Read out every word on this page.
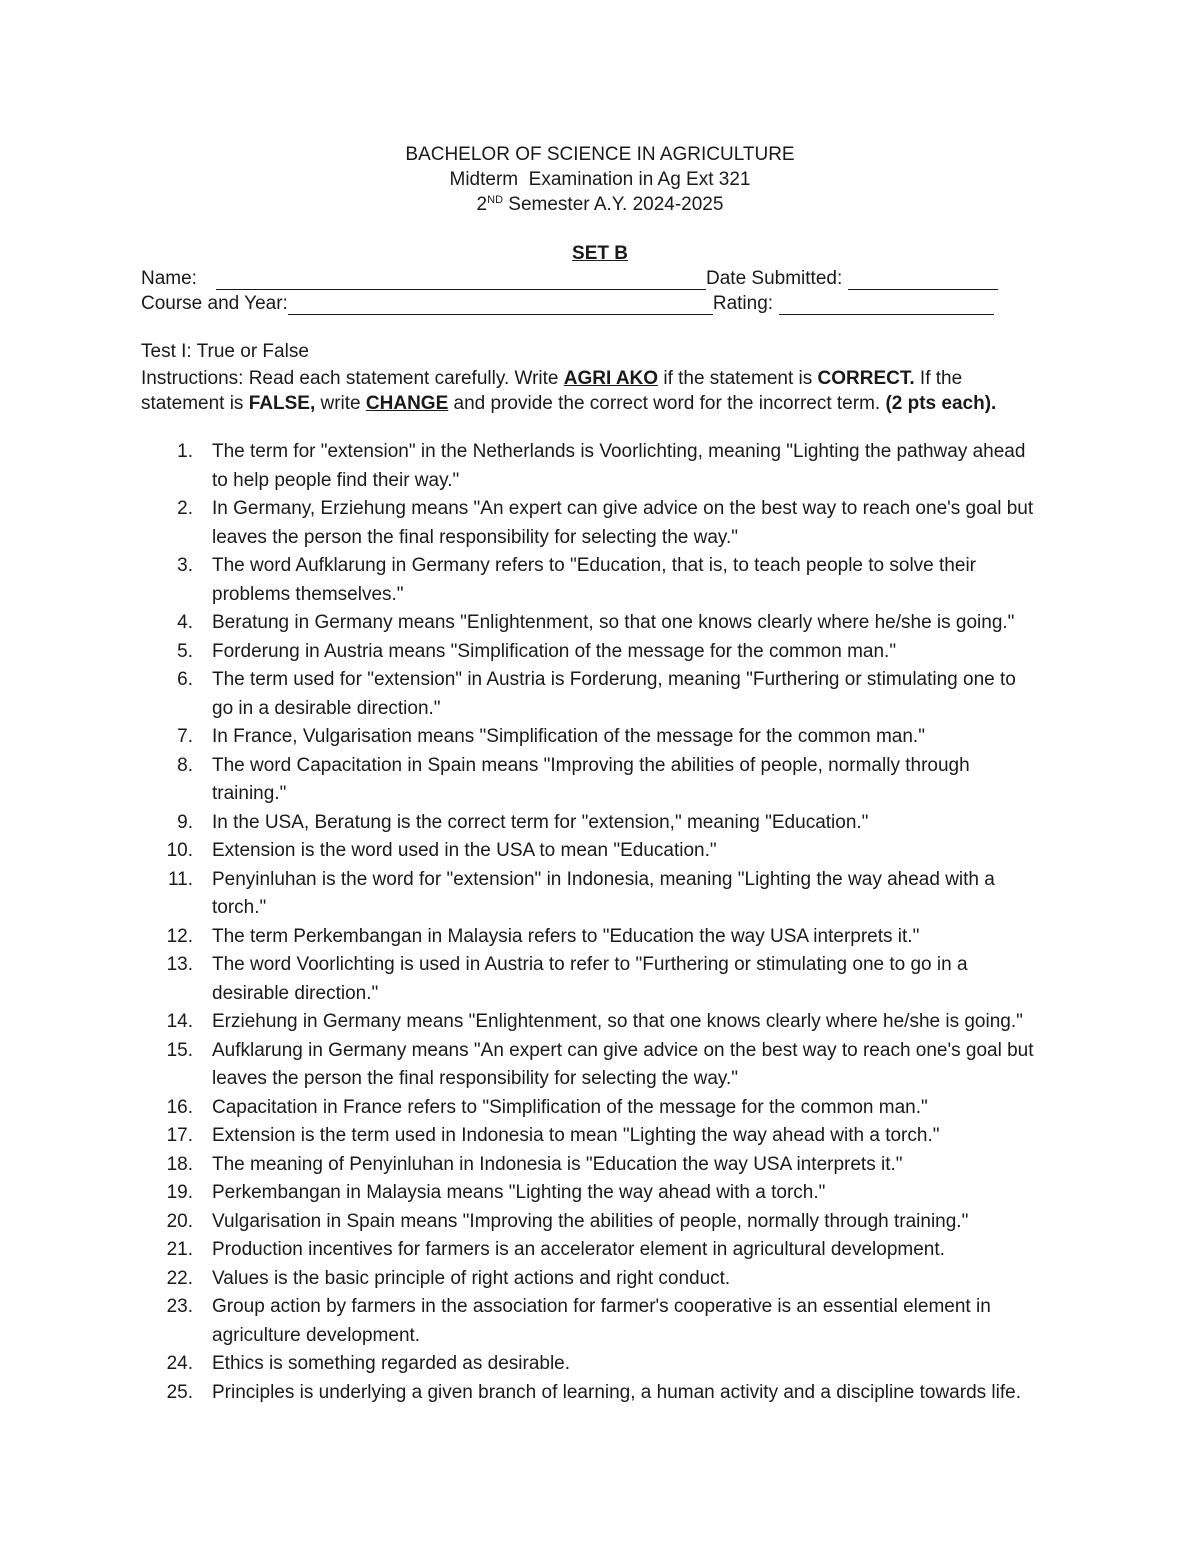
BACHELOR OF SCIENCE IN AGRICULTURE
Midterm  Examination in Ag Ext 321
2ND Semester A.Y. 2024-2025
SET B
Name:	Date Submitted:
Course and Year:	Rating:
Test I: True or False
Instructions: Read each statement carefully. Write AGRI AKO if the statement is CORRECT. If the statement is FALSE, write CHANGE and provide the correct word for the incorrect term. (2 pts each).
1. The term for "extension" in the Netherlands is Voorlichting, meaning "Lighting the pathway ahead to help people find their way."
2. In Germany, Erziehung means "An expert can give advice on the best way to reach one's goal but leaves the person the final responsibility for selecting the way."
3. The word Aufklarung in Germany refers to "Education, that is, to teach people to solve their problems themselves."
4. Beratung in Germany means "Enlightenment, so that one knows clearly where he/she is going."
5. Forderung in Austria means "Simplification of the message for the common man."
6. The term used for "extension" in Austria is Forderung, meaning "Furthering or stimulating one to go in a desirable direction."
7. In France, Vulgarisation means "Simplification of the message for the common man."
8. The word Capacitation in Spain means "Improving the abilities of people, normally through training."
9. In the USA, Beratung is the correct term for "extension," meaning "Education."
10. Extension is the word used in the USA to mean "Education."
11. Penyinluhan is the word for "extension" in Indonesia, meaning "Lighting the way ahead with a torch."
12. The term Perkembangan in Malaysia refers to "Education the way USA interprets it."
13. The word Voorlichting is used in Austria to refer to "Furthering or stimulating one to go in a desirable direction."
14. Erziehung in Germany means "Enlightenment, so that one knows clearly where he/she is going."
15. Aufklarung in Germany means "An expert can give advice on the best way to reach one's goal but leaves the person the final responsibility for selecting the way."
16. Capacitation in France refers to "Simplification of the message for the common man."
17. Extension is the term used in Indonesia to mean "Lighting the way ahead with a torch."
18. The meaning of Penyinluhan in Indonesia is "Education the way USA interprets it."
19. Perkembangan in Malaysia means "Lighting the way ahead with a torch."
20. Vulgarisation in Spain means "Improving the abilities of people, normally through training."
21. Production incentives for farmers is an accelerator element in agricultural development.
22. Values is the basic principle of right actions and right conduct.
23. Group action by farmers in the association for farmer's cooperative is an essential element in agriculture development.
24. Ethics is something regarded as desirable.
25. Principles is underlying a given branch of learning, a human activity and a discipline towards life.
